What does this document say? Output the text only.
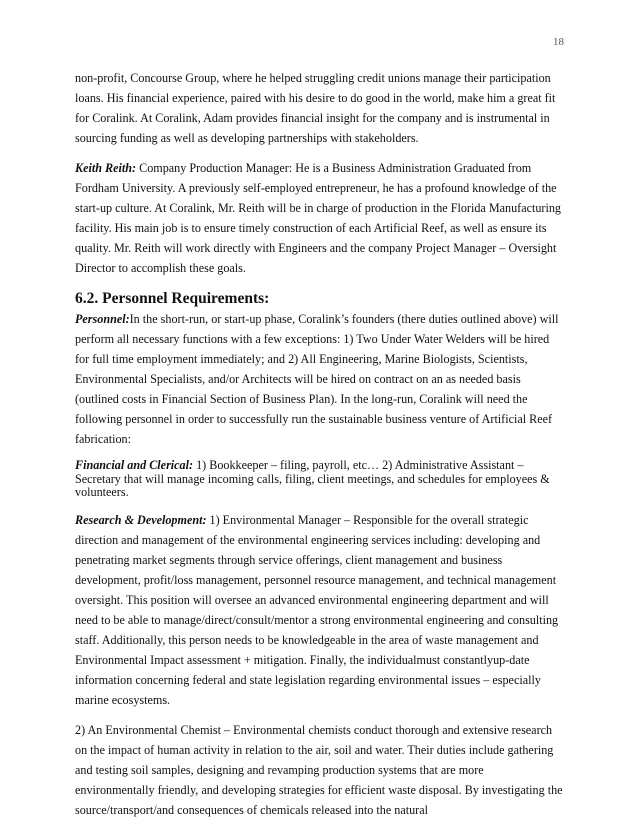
18

non-profit, Concourse Group, where he helped struggling credit unions manage their participation loans. His financial experience, paired with his desire to do good in the world, make him a great fit for Coralink. At Coralink, Adam provides financial insight for the company and is instrumental in sourcing funding as well as developing partnerships with stakeholders.

Keith Reith: Company Production Manager: He is a Business Administration Graduated from Fordham University. A previously self-employed entrepreneur, he has a profound knowledge of the start-up culture. At Coralink, Mr. Reith will be in charge of production in the Florida Manufacturing facility. His main job is to ensure timely construction of each Artificial Reef, as well as ensure its quality. Mr. Reith will work directly with Engineers and the company Project Manager – Oversight Director to accomplish these goals.

6.2. Personnel Requirements:

Personnel:In the short-run, or start-up phase, Coralink’s founders (there duties outlined above) will perform all necessary functions with a few exceptions: 1) Two Under Water Welders will be hired for full time employment immediately; and 2) All Engineering, Marine Biologists, Scientists, Environmental Specialists, and/or Architects will be hired on contract on an as needed basis (outlined costs in Financial Section of Business Plan). In the long-run, Coralink will need the following personnel in order to successfully run the sustainable business venture of Artificial Reef fabrication:

Financial and Clerical: 1) Bookkeeper – filing, payroll, etc… 2) Administrative Assistant – Secretary that will manage incoming calls, filing, client meetings, and schedules for employees & volunteers.

Research & Development: 1) Environmental Manager – Responsible for the overall strategic direction and management of the environmental engineering services including: developing and penetrating market segments through service offerings, client management and business development, profit/loss management, personnel resource management, and technical management oversight. This position will oversee an advanced environmental engineering department and will need to be able to manage/direct/consult/mentor a strong environmental engineering and consulting staff. Additionally, this person needs to be knowledgeable in the area of waste management and Environmental Impact assessment + mitigation. Finally, the individualmust constantlyup-date information concerning federal and state legislation regarding environmental issues – especially marine ecosystems.

2) An Environmental Chemist – Environmental chemists conduct thorough and extensive research on the impact of human activity in relation to the air, soil and water. Their duties include gathering and testing soil samples, designing and revamping production systems that are more environmentally friendly, and developing strategies for efficient waste disposal. By investigating the source/transport/and consequences of chemicals released into the natural
